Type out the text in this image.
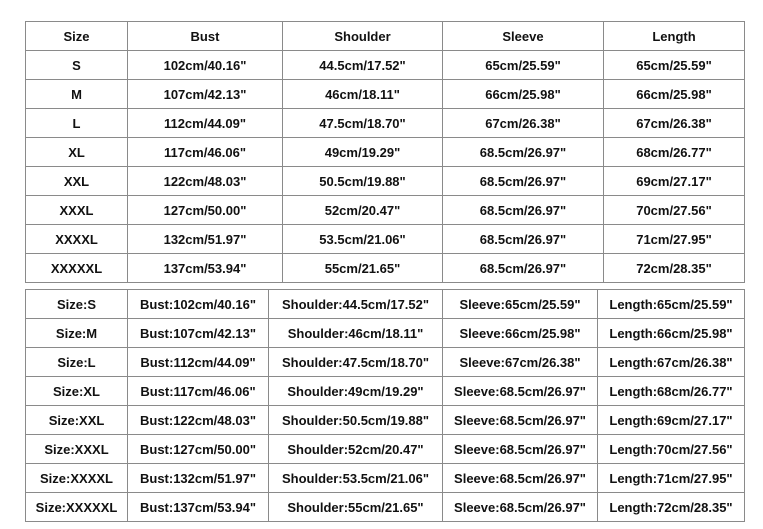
Size	Bust	Shoulder	Sleeve	Length
S	102cm/40.16"	44.5cm/17.52"	65cm/25.59"	65cm/25.59"
M	107cm/42.13"	46cm/18.11"	66cm/25.98"	66cm/25.98"
L	112cm/44.09"	47.5cm/18.70"	67cm/26.38"	67cm/26.38"
XL	117cm/46.06"	49cm/19.29"	68.5cm/26.97"	68cm/26.77"
XXL	122cm/48.03"	50.5cm/19.88"	68.5cm/26.97"	69cm/27.17"
XXXL	127cm/50.00"	52cm/20.47"	68.5cm/26.97"	70cm/27.56"
XXXXL	132cm/51.97"	53.5cm/21.06"	68.5cm/26.97"	71cm/27.95"
XXXXXL	137cm/53.94"	55cm/21.65"	68.5cm/26.97"	72cm/28.35"
Size:S	Bust:102cm/40.16"	Shoulder:44.5cm/17.52"	Sleeve:65cm/25.59"	Length:65cm/25.59"
Size:M	Bust:107cm/42.13"	Shoulder:46cm/18.11"	Sleeve:66cm/25.98"	Length:66cm/25.98"
Size:L	Bust:112cm/44.09"	Shoulder:47.5cm/18.70"	Sleeve:67cm/26.38"	Length:67cm/26.38"
Size:XL	Bust:117cm/46.06"	Shoulder:49cm/19.29"	Sleeve:68.5cm/26.97"	Length:68cm/26.77"
Size:XXL	Bust:122cm/48.03"	Shoulder:50.5cm/19.88"	Sleeve:68.5cm/26.97"	Length:69cm/27.17"
Size:XXXL	Bust:127cm/50.00"	Shoulder:52cm/20.47"	Sleeve:68.5cm/26.97"	Length:70cm/27.56"
Size:XXXXL	Bust:132cm/51.97"	Shoulder:53.5cm/21.06"	Sleeve:68.5cm/26.97"	Length:71cm/27.95"
Size:XXXXXL	Bust:137cm/53.94"	Shoulder:55cm/21.65"	Sleeve:68.5cm/26.97"	Length:72cm/28.35"
